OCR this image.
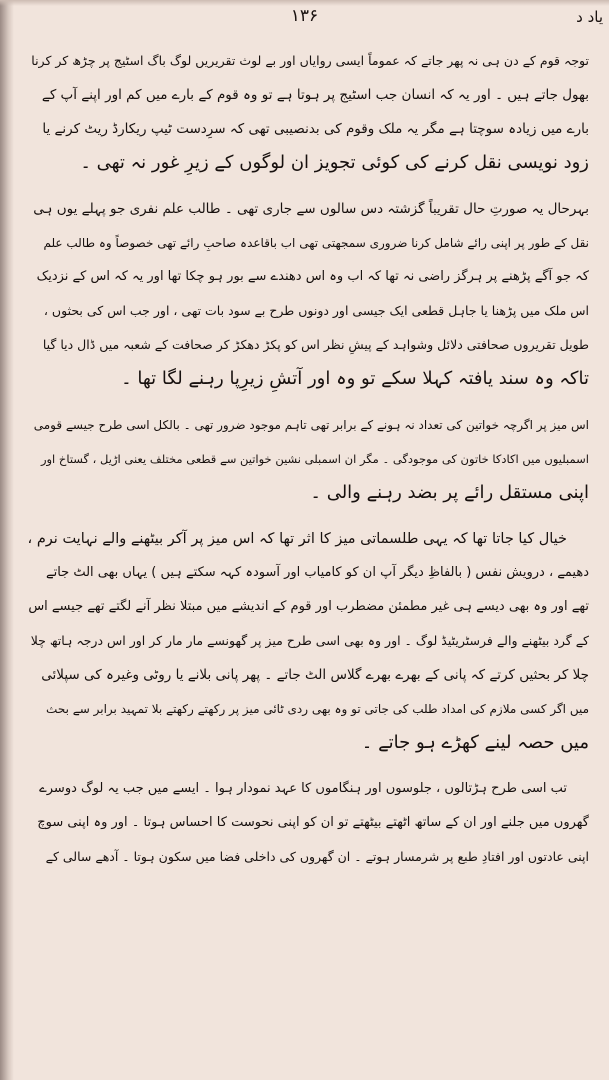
١٣۶	ﯾﺎد ﺩ

توجہ قوم کے دن ہی نہ پھر جاتے کہ عموماً ایسی روایاں اور بے لوث تقریریں لوگ باگ اسٹیج پر چڑھ کر کرنا

بھول جاتے ہیں ۔ اور یہ کہ انسان جب اسٹیج پر ہوتا ہے تو وہ قوم کے بارے میں کم اور اپنے آپ کے

بارے میں زیادہ سوچتا ہے مگر یہ ملک وقوم کی بدنصیبی تھی کہ سرِدست ٹیپ ریکارڈ ریٹ کرنے یا

زود نویسی نقل کرنے کی کوئی تجویز ان لوگوں کے زیرِ غور نہ تھی ۔

بہرحال یہ صورتِ حال تقریباً گزشتہ دس سالوں سے جاری تھی ۔ طالب علم نفری جو پہلے یوں ہی

نقل کے طور پر اپنی رائے شامل کرنا ضروری سمجھتی تھی اب باقاعدہ صاحبِ رائے تھی خصوصاً وہ طالب علم

کہ جو آگے پڑھنے پر ہرگز راضی نہ تھا کہ اب وہ اس دھندے سے بور ہو چکا تھا اور یہ کہ اس کے نزدیک

اس ملک میں پڑھنا یا جاہل قطعی ایک جیسی اور دونوں طرح بے سود بات تھی ، اور جب اس کی بحثوں ،

طویل تقریروں صحافتی دلائل وشواہد کے پیشِ نظر اس کو پکڑ دھکڑ کر صحافت کے شعبہ میں ڈال دیا گیا

تاکہ وہ سند یافتہ کہلا سکے تو وہ اور آتشِ زیرِپا رہنے لگا تھا ۔

اس میز پر اگرچہ خواتین کی تعداد نہ ہونے کے برابر تھی تاہم موجود ضرور تھی ۔ بالکل اسی طرح جیسے قومی

اسمبلیوں میں اکادکا خاتون کی موجودگی ۔ مگر ان اسمبلی نشین خواتین سے قطعی مختلف یعنی اڑیل ، گستاخ اور

اپنی مستقل رائے پر بضد رہنے والی ۔

خیال کیا جاتا تھا کہ یہی طلسماتی میز کا اثر تھا کہ اس میز پر آکر بیٹھنے والے نہایت نرم ،

دھیمے ، درویش نفس ( بالفاظِ دیگر آپ ان کو کامیاب اور آسودہ کہہ سکتے ہیں ) یہاں بھی الٹ جاتے

تھے اور وہ بھی دیسے ہی غیر مطمئن مضطرب اور قوم کے اندیشے میں مبتلا نظر آنے لگتے تھے جیسے اس

کے گرد بیٹھنے والے فرسٹریٹیڈ لوگ ۔ اور وہ بھی اسی طرح میز پر گھونسے مار مار کر اور اس درجہ ہاتھ چلا

چلا کر بحثیں کرتے کہ پانی کے بھرے بھرے گلاس الٹ جاتے ۔ پھر پانی بلانے یا روٹی وغیرہ کی سپلائی

میں اگر کسی ملازم کی امداد طلب کی جاتی تو وہ بھی ردی ٹائی میز پر رکھتے رکھتے بلا تمہید برابر سے بحث

میں حصہ لینے کھڑے ہو جاتے ۔

تب اسی طرح ہڑتالوں ، جلوسوں اور ہنگاموں کا عہد نمودار ہوا ۔ ایسے میں جب یہ لوگ دوسرے

گھروں میں جلنے اور ان کے ساتھ اٹھتے بیٹھتے تو ان کو اپنی نحوست کا احساس ہوتا ۔ اور وہ اپنی سوچ

اپنی عادتوں اور افتادِ طبع پر شرمسار ہوتے ۔ ان گھروں کی داخلی فضا میں سکون ہوتا ۔ آدھے سالی کے
